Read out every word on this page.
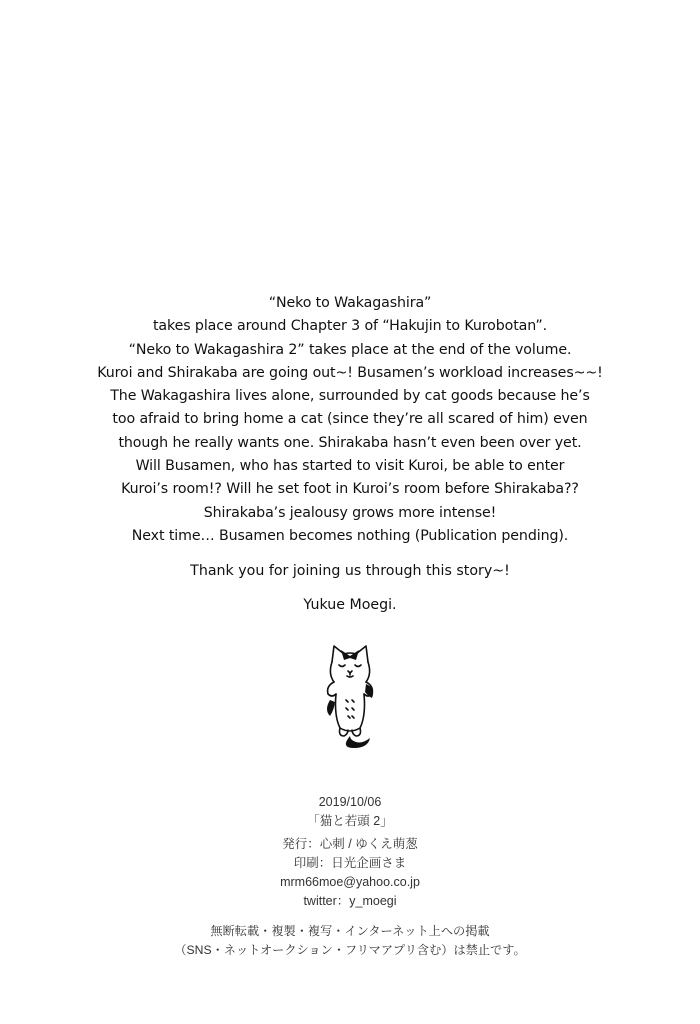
“Neko to Wakagashira”
takes place around Chapter 3 of “Hakujin to Kurobotan”.
“Neko to Wakagashira 2” takes place at the end of the volume.
Kuroi and Shirakaba are going out~! Busamen’s workload increases~~!
The Wakagashira lives alone, surrounded by cat goods because he’s
too afraid to bring home a cat (since they’re all scared of him) even
though he really wants one. Shirakaba hasn’t even been over yet.
Will Busamen, who has started to visit Kuroi, be able to enter
Kuroi’s room!? Will he set foot in Kuroi’s room before Shirakaba??
Shirakaba’s jealousy grows more intense!
Next time… Busamen becomes nothing (Publication pending).
Thank you for joining us through this story~!
Yukue Moegi.
2019/10/06
「猫と若頭 2」
発行：心刺 / ゆくえ萌葱
印刷：日光企画さま
mrm66moe@yahoo.co.jp
twitter：y_moegi
無断転載・複製・複写・インターネット上への掲載
（SNS・ネットオークション・フリマアプリ含む）は禁止です。
